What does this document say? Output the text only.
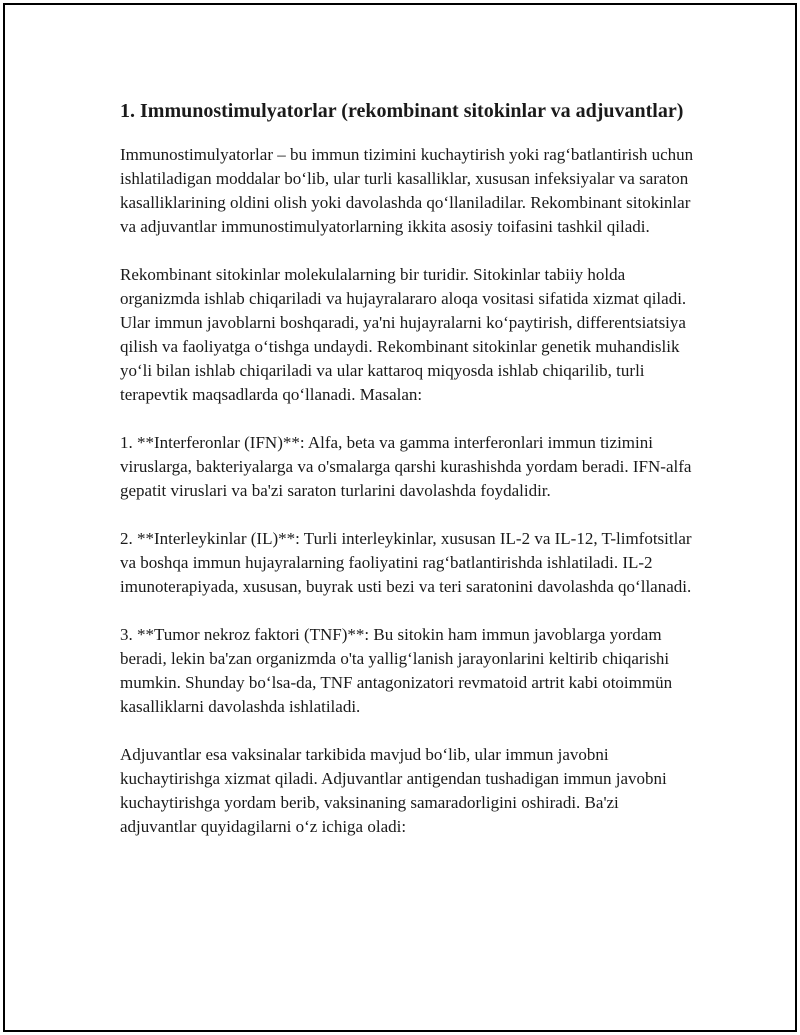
1. Immunostimulyatorlar (rekombinant sitokinlar va adjuvantlar)

Immunostimulyatorlar – bu immun tizimini kuchaytirish yoki rag‘batlantirish uchun ishlatiladigan moddalar bo‘lib, ular turli kasalliklar, xususan infeksiyalar va saraton kasalliklarining oldini olish yoki davolashda qo‘llaniladilar. Rekombinant sitokinlar va adjuvantlar immunostimulyatorlarning ikkita asosiy toifasini tashkil qiladi.

Rekombinant sitokinlar molekulalarning bir turidir. Sitokinlar tabiiy holda organizmda ishlab chiqariladi va hujayralararo aloqa vositasi sifatida xizmat qiladi. Ular immun javoblarni boshqaradi, ya'ni hujayralarni ko‘paytirish, differentsiatsiya qilish va faoliyatga o‘tishga undaydi. Rekombinant sitokinlar genetik muhandislik yo‘li bilan ishlab chiqariladi va ular kattaroq miqyosda ishlab chiqarilib, turli terapevtik maqsadlarda qo‘llanadi. Masalan:

1. **Interferonlar (IFN)**: Alfa, beta va gamma interferonlari immun tizimini viruslarga, bakteriyalarga va o'smalarga qarshi kurashishda yordam beradi. IFN-alfa gepatit viruslari va ba'zi saraton turlarini davolashda foydalidir.

2. **Interleykinlar (IL)**: Turli interleykinlar, xususan IL-2 va IL-12, T-limfotsitlar va boshqa immun hujayralarning faoliyatini rag‘batlantirishda ishlatiladi. IL-2 imunoterapiyada, xususan, buyrak usti bezi va teri saratonini davolashda qo‘llanadi.

3. **Tumor nekroz faktori (TNF)**: Bu sitokin ham immun javoblarga yordam beradi, lekin ba'zan organizmda o'ta yallig‘lanish jarayonlarini keltirib chiqarishi mumkin. Shunday bo‘lsa-da, TNF antagonizatori revmatoid artrit kabi otoimmün kasalliklarni davolashda ishlatiladi.

Adjuvantlar esa vaksinalar tarkibida mavjud bo‘lib, ular immun javobni kuchaytirishga xizmat qiladi. Adjuvantlar antigendan tushadigan immun javobni kuchaytirishga yordam berib, vaksinaning samaradorligini oshiradi. Ba'zi adjuvantlar quyidagilarni o‘z ichiga oladi:
